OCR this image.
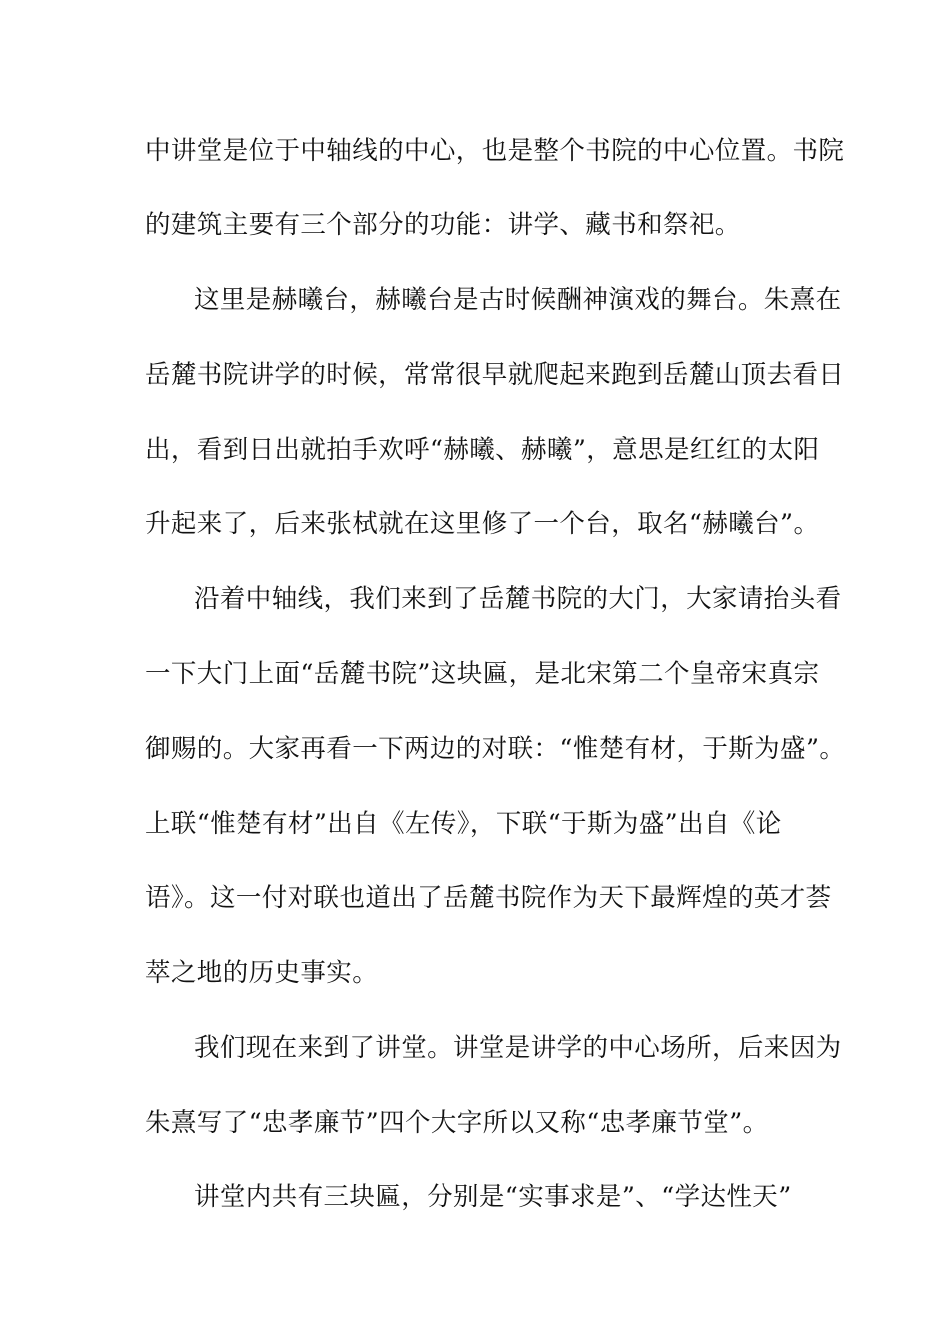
中讲堂是位于中轴线的中心，也是整个书院的中心位置。书院
的建筑主要有三个部分的功能：讲学、藏书和祭祀。
这里是赫曦台，赫曦台是古时候酬神演戏的舞台。朱熹在
岳麓书院讲学的时候，常常很早就爬起来跑到岳麓山顶去看日
出，看到日出就拍手欢呼“赫曦、赫曦”，意思是红红的太阳
升起来了，后来张栻就在这里修了一个台，取名“赫曦台”。
沿着中轴线，我们来到了岳麓书院的大门，大家请抬头看
一下大门上面“岳麓书院”这块匾，是北宋第二个皇帝宋真宗
御赐的。大家再看一下两边的对联：“惟楚有材，于斯为盛”。
上联“惟楚有材”出自《左传》，下联“于斯为盛”出自《论
语》。这一付对联也道出了岳麓书院作为天下最辉煌的英才荟
萃之地的历史事实。
我们现在来到了讲堂。讲堂是讲学的中心场所，后来因为
朱熹写了“忠孝廉节”四个大字所以又称“忠孝廉节堂”。
讲堂内共有三块匾，分别是“实事求是”、“学达性天”
